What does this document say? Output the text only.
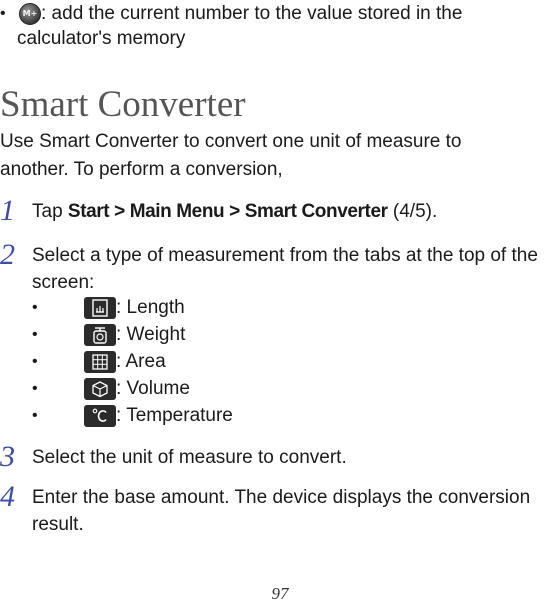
•	M+ : add the current number to the value stored in the
calculator's memory
Smart Converter
Use Smart Converter to convert one unit of measure to another. To perform a conversion,
1 Tap Start > Main Menu > Smart Converter (4/5).
2 Select a type of measurement from the tabs at the top of the screen:
•	: Length
•	: Weight
•	: Area
•	: Volume
•	: Temperature
3 Select the unit of measure to convert.
4 Enter the base amount. The device displays the conversion result.
97
